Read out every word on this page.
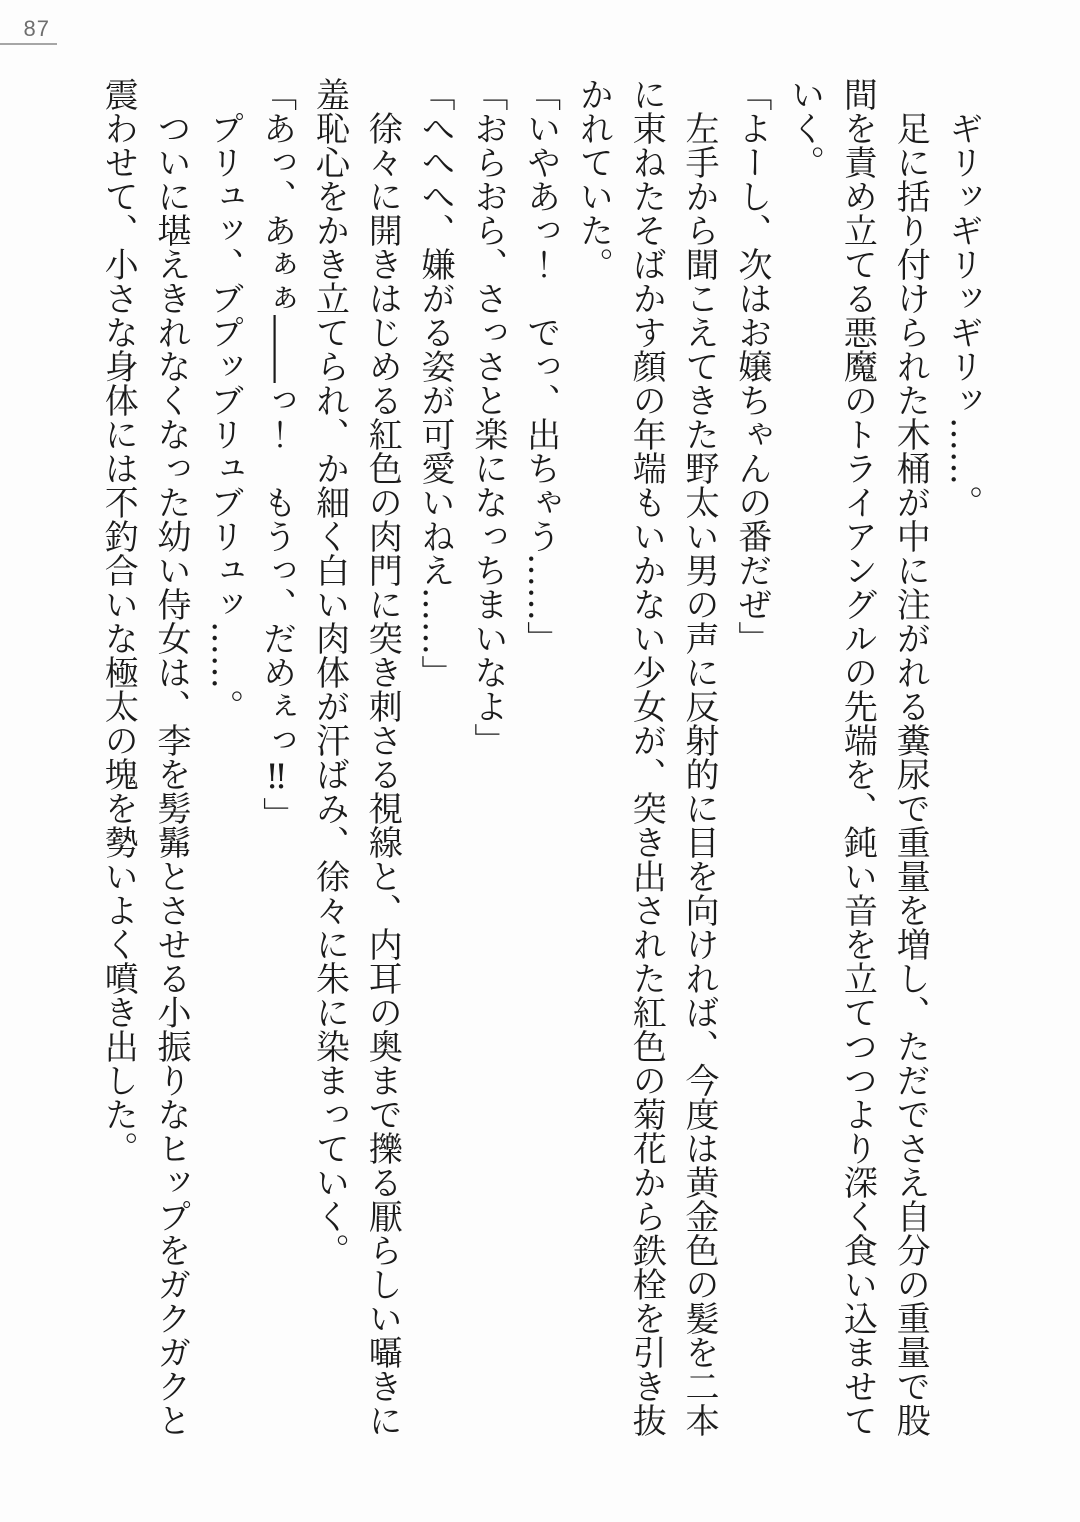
87

ギリッギリッギリッ……。

足に括り付けられた木桶が中に注がれる糞尿で重量を増し、ただでさえ自分の重量で股

間を責め立てる悪魔のトライアングルの先端を、鈍い音を立てつつより深く食い込ませて

いく。

「よーし、次はお嬢ちゃんの番だぜ」

左手から聞こえてきた野太い男の声に反射的に目を向ければ、今度は黄金色の髪を二本

に束ねたそばかす顔の年端もいかない少女が、突き出された紅色の菊花から鉄栓を引き抜

かれていた。

「いやあっ！　でっ、出ちゃう……」

「おらおら、さっさと楽になっちまいなよ」

「へへへ、嫌がる姿が可愛いねえ……」

徐々に開きはじめる紅色の肉門に突き刺さる視線と、内耳の奥まで擽る厭らしい囁きに

羞恥心をかき立てられ、か細く白い肉体が汗ばみ、徐々に朱に染まっていく。

「あっ、あぁぁ――っ！　もうっ、だめぇっ‼」

プリュッ、ブプッブリュブリュッ……。

ついに堪えきれなくなった幼い侍女は、李を髣髴とさせる小振りなヒップをガクガクと

震わせて、小さな身体には不釣合いな極太の塊を勢いよく噴き出した。
